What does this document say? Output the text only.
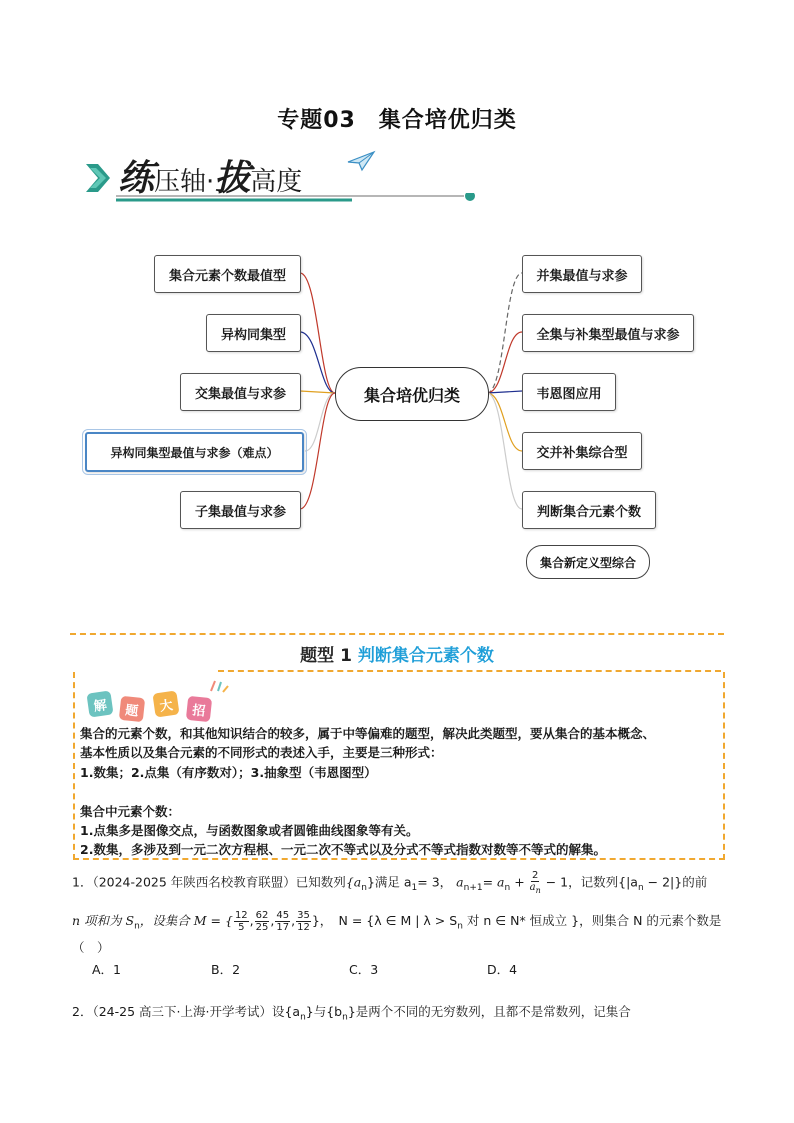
专题03　集合培优归类
练压轴·拔高度
集合培优归类
集合元素个数最值型
异构同集型
交集最值与求参
异构同集型最值与求参（难点）
子集最值与求参
并集最值与求参
全集与补集型最值与求参
韦恩图应用
交并补集综合型
判断集合元素个数
集合新定义型综合
题型 1 判断集合元素个数
解	题	大	招
集合的元素个数，和其他知识结合的较多，属于中等偏难的题型，解决此类题型，要从集合的基本概念、
基本性质以及集合元素的不同形式的表述入手，主要是三种形式：
1.数集；2.点集（有序数对）；3.抽象型（韦恩图型）
集合中元素个数：
1.点集多是图像交点，与函数图象或者圆锥曲线图象等有关。
2.数集，多涉及到一元二次方程根、一元二次不等式以及分式不等式指数对数等不等式的解集。
1．（2024-2025 年陕西名校教育联盟）已知数列$\{a_n\}$满足 $a_1= 3$， $a_{n+1}= a_n + \frac{2}{a_n} - 1$，记数列$\{|a_n - 2|\}$的前
n 项和为 $S_n$，设集合 M = { $\frac{12}{5}$ , $\frac{62}{25}$ , $\frac{45}{17}$ , $\frac{35}{12}$ }，　N = {λ ∈ M | $\lambda > S_n$ 对 n ∈ N* 恒成立 }，则集合 N 的元素个数是
（　）
A．1	B．2	C．3	D．4
2．（24-25 高三下·上海·开学考试）设$\{a_n\}$与$\{b_n\}$是两个不同的无穷数列，且都不是常数列，记集合
